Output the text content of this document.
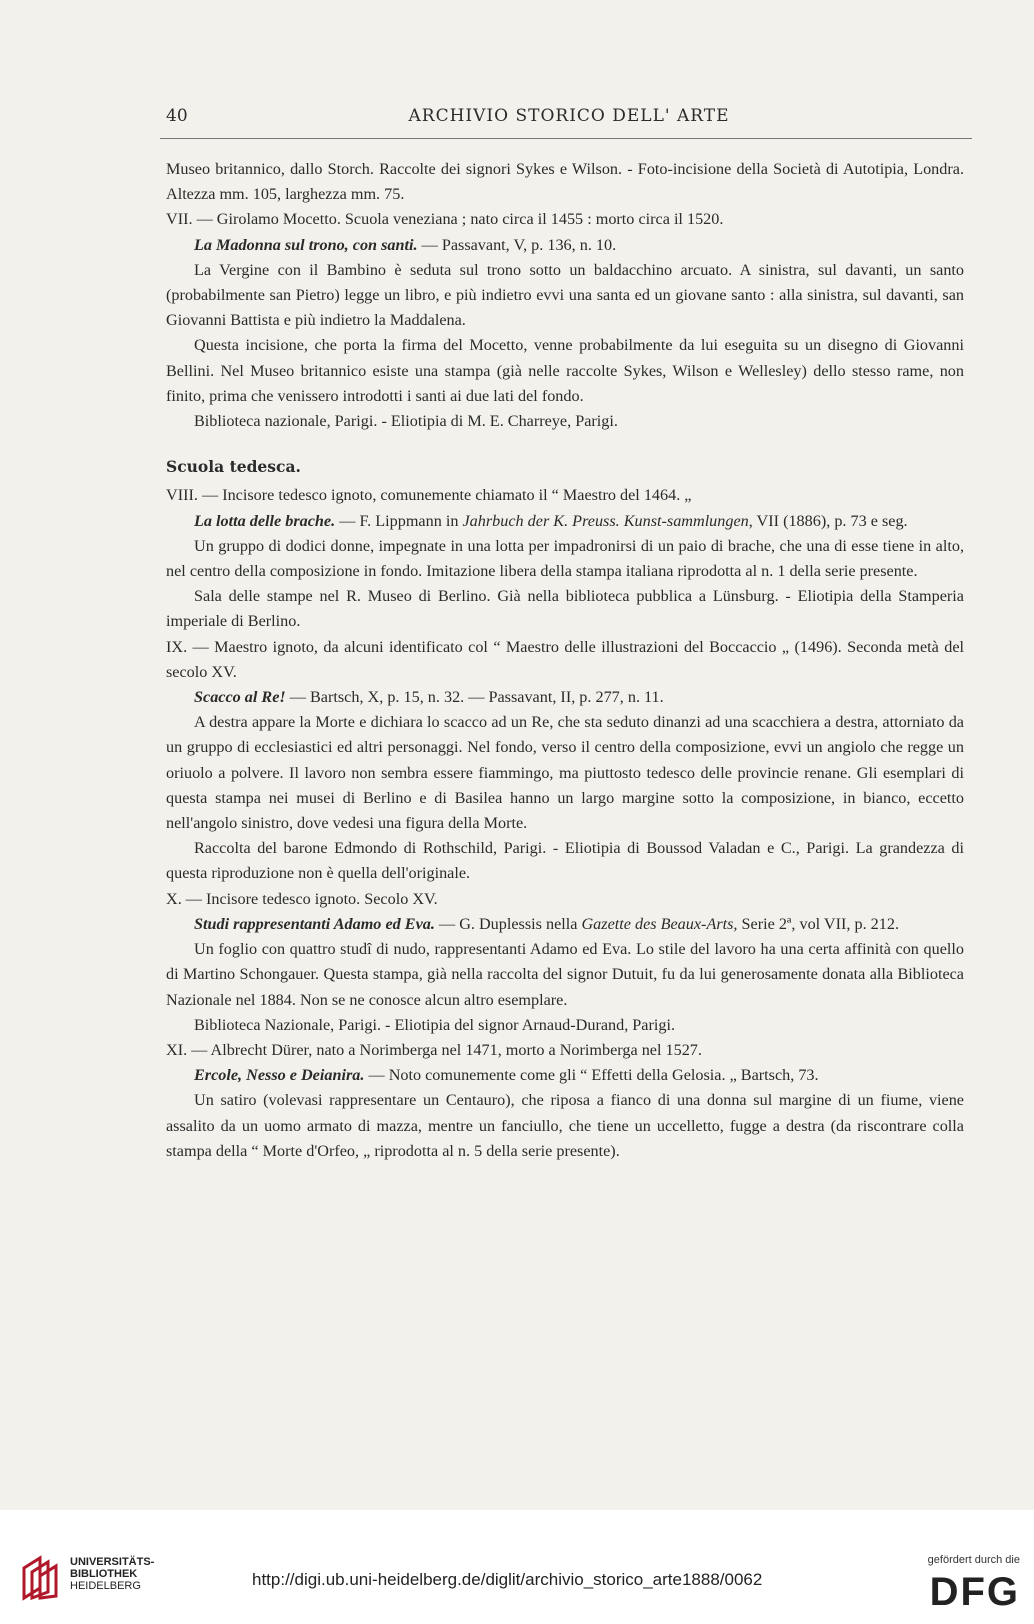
40	ARCHIVIO STORICO DELL' ARTE

Museo britannico, dallo Storch. Raccolte dei signori Sykes e Wilson. - Foto-incisione della Società di Autotipia, Londra. Altezza mm. 105, larghezza mm. 75.

VII. — Girolamo Mocetto. Scuola veneziana ; nato circa il 1455 : morto circa il 1520.

La Madonna sul trono, con santi. — Passavant, V, p. 136, n. 10.

La Vergine con il Bambino è seduta sul trono sotto un baldacchino arcuato. A sinistra, sul davanti, un santo (probabilmente san Pietro) legge un libro, e più indietro evvi una santa ed un giovane santo : alla sinistra, sul davanti, san Giovanni Battista e più indietro la Maddalena.

Questa incisione, che porta la firma del Mocetto, venne probabilmente da lui eseguita su un disegno di Giovanni Bellini. Nel Museo britannico esiste una stampa (già nelle raccolte Sykes, Wilson e Wellesley) dello stesso rame, non finito, prima che venissero introdotti i santi ai due lati del fondo.

Biblioteca nazionale, Parigi. - Eliotipia di M. E. Charreye, Parigi.

Scuola tedesca.

VIII. — Incisore tedesco ignoto, comunemente chiamato il “ Maestro del 1464. „

La lotta delle brache. — F. Lippmann in Jahrbuch der K. Preuss. Kunst-sammlungen, VII (1886), p. 73 e seg.

Un gruppo di dodici donne, impegnate in una lotta per impadronirsi di un paio di brache, che una di esse tiene in alto, nel centro della composizione in fondo. Imitazione libera della stampa italiana riprodotta al n. 1 della serie presente.

Sala delle stampe nel R. Museo di Berlino. Già nella biblioteca pubblica a Lünsburg. - Eliotipia della Stamperia imperiale di Berlino.

IX. — Maestro ignoto, da alcuni identificato col “ Maestro delle illustrazioni del Boccaccio „ (1496). Seconda metà del secolo XV.

Scacco al Re! — Bartsch, X, p. 15, n. 32. — Passavant, II, p. 277, n. 11.

A destra appare la Morte e dichiara lo scacco ad un Re, che sta seduto dinanzi ad una scacchiera a destra, attorniato da un gruppo di ecclesiastici ed altri personaggi. Nel fondo, verso il centro della composizione, evvi un angiolo che regge un oriuolo a polvere. Il lavoro non sembra essere fiammingo, ma piuttosto tedesco delle provincie renane. Gli esemplari di questa stampa nei musei di Berlino e di Basilea hanno un largo margine sotto la composizione, in bianco, eccetto nell'angolo sinistro, dove vedesi una figura della Morte.

Raccolta del barone Edmondo di Rothschild, Parigi. - Eliotipia di Boussod Valadan e C., Parigi. La grandezza di questa riproduzione non è quella dell'originale.

X. — Incisore tedesco ignoto. Secolo XV.

Studi rappresentanti Adamo ed Eva. — G. Duplessis nella Gazette des Beaux-Arts, Serie 2ª, vol VII, p. 212.

Un foglio con quattro studî di nudo, rappresentanti Adamo ed Eva. Lo stile del lavoro ha una certa affinità con quello di Martino Schongauer. Questa stampa, già nella raccolta del signor Dutuit, fu da lui generosamente donata alla Biblioteca Nazionale nel 1884. Non se ne conosce alcun altro esemplare.

Biblioteca Nazionale, Parigi. - Eliotipia del signor Arnaud-Durand, Parigi.

XI. — Albrecht Dürer, nato a Norimberga nel 1471, morto a Norimberga nel 1527.

Ercole, Nesso e Deianira. — Noto comunemente come gli “ Effetti della Gelosia. „ Bartsch, 73.

Un satiro (volevasi rappresentare un Centauro), che riposa a fianco di una donna sul margine di un fiume, viene assalito da un uomo armato di mazza, mentre un fanciullo, che tiene un uccelletto, fugge a destra (da riscontrare colla stampa della “ Morte d'Orfeo, „ riprodotta al n. 5 della serie presente).

UNIVERSITÄTS-
BIBLIOTHEK
HEIDELBERG	http://digi.ub.uni-heidelberg.de/diglit/archivio_storico_arte1888/0062
gefördert durch die
DFG
